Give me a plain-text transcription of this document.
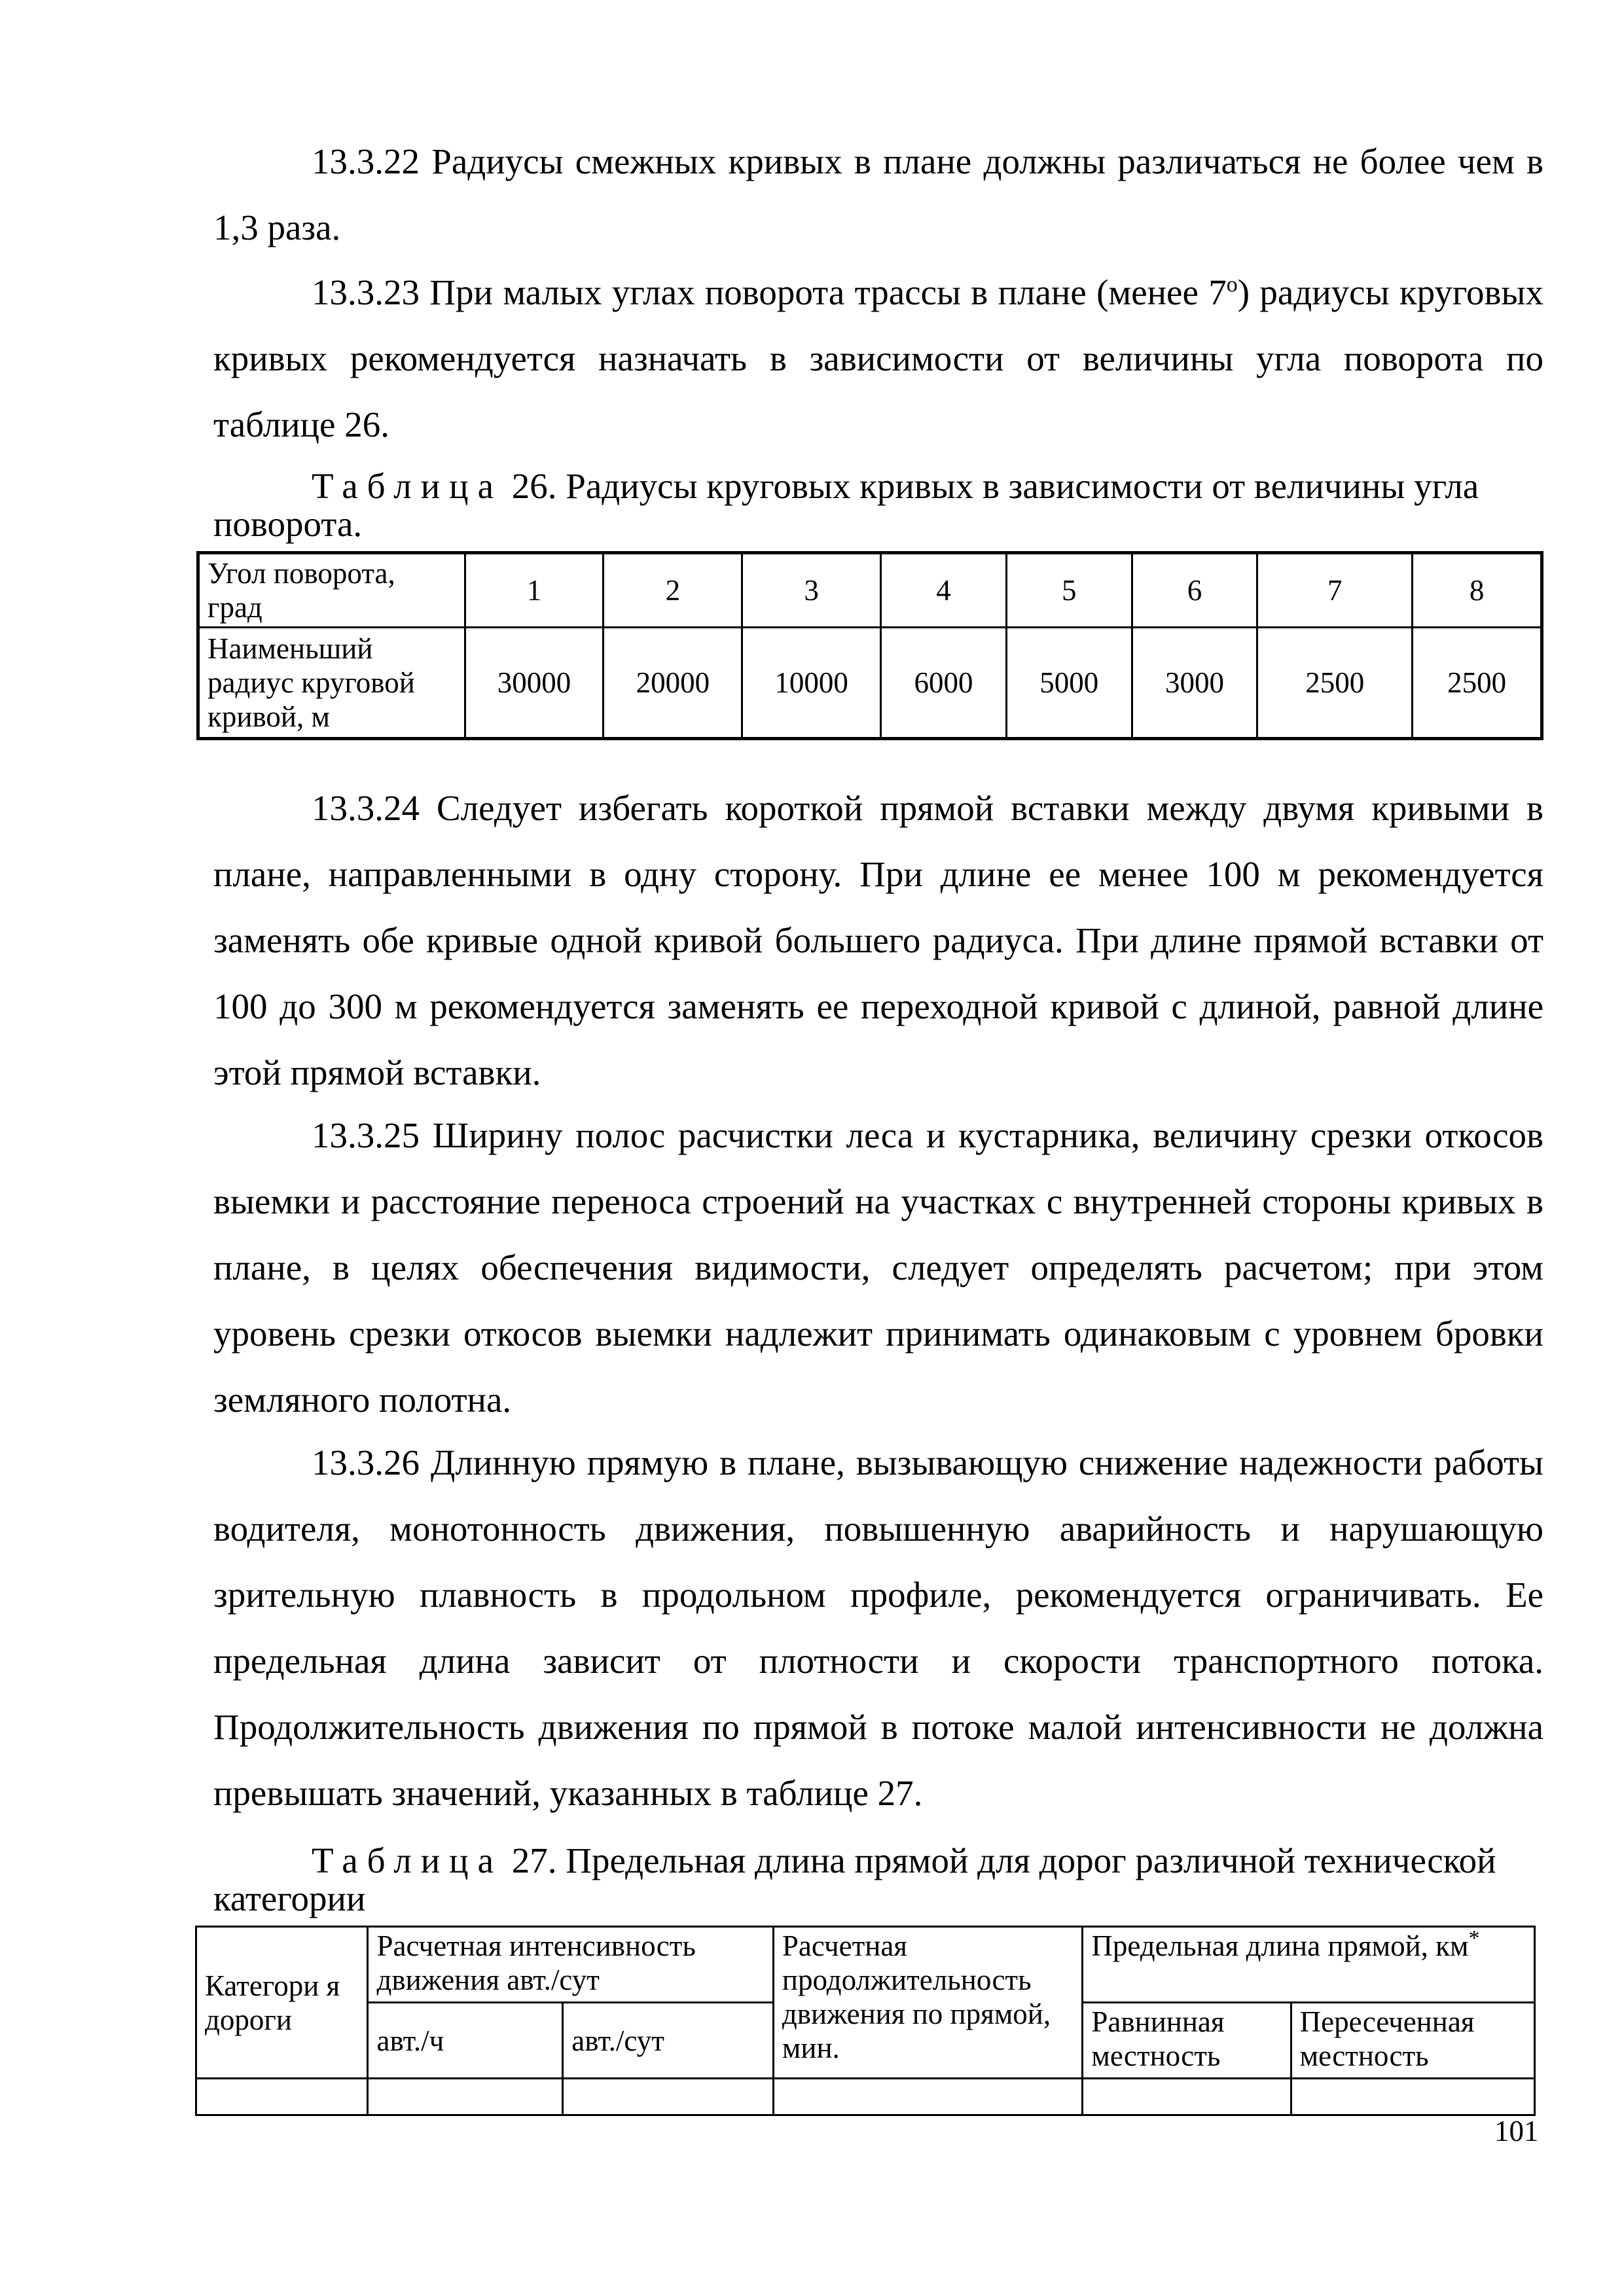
13.3.22 Радиусы смежных кривых в плане должны различаться не более чем в 1,3 раза.

13.3.23 При малых углах поворота трассы в плане (менее $7^о$) радиусы круговых кривых рекомендуется назначать в зависимости от величины угла поворота по таблице 26.

Таблица 26. Радиусы круговых кривых в зависимости от величины угла поворота.

Угол поворота, град	1	2	3	4	5	6	7	8
Наименьший радиус круговой кривой, м	30000	20000	10000	6000	5000	3000	2500	2500

13.3.24 Следует избегать короткой прямой вставки между двумя кривыми в плане, направленными в одну сторону. При длине ее менее 100 м рекомендуется заменять обе кривые одной кривой большего радиуса. При длине прямой вставки от 100 до 300 м рекомендуется заменять ее переходной кривой с длиной, равной длине этой прямой вставки.

13.3.25 Ширину полос расчистки леса и кустарника, величину срезки откосов выемки и расстояние переноса строений на участках с внутренней стороны кривых в плане, в целях обеспечения видимости, следует определять расчетом; при этом уровень срезки откосов выемки надлежит принимать одинаковым с уровнем бровки земляного полотна.

13.3.26 Длинную прямую в плане, вызывающую снижение надежности работы водителя, монотонность движения, повышенную аварийность и нарушающую зрительную плавность в продольном профиле, рекомендуется ограничивать. Ее предельная длина зависит от плотности и скорости транспортного потока. Продолжительность движения по прямой в потоке малой интенсивности не должна превышать значений, указанных в таблице 27.

Таблица 27. Предельная длина прямой для дорог различной технической категории

Категори я дороги	Расчетная интенсивность движения авт./сут		Расчетная продолжительность движения по прямой, мин.	Предельная длина прямой, км*
	авт./ч	авт./сут		Равнинная местность	Пересеченная местность

101
